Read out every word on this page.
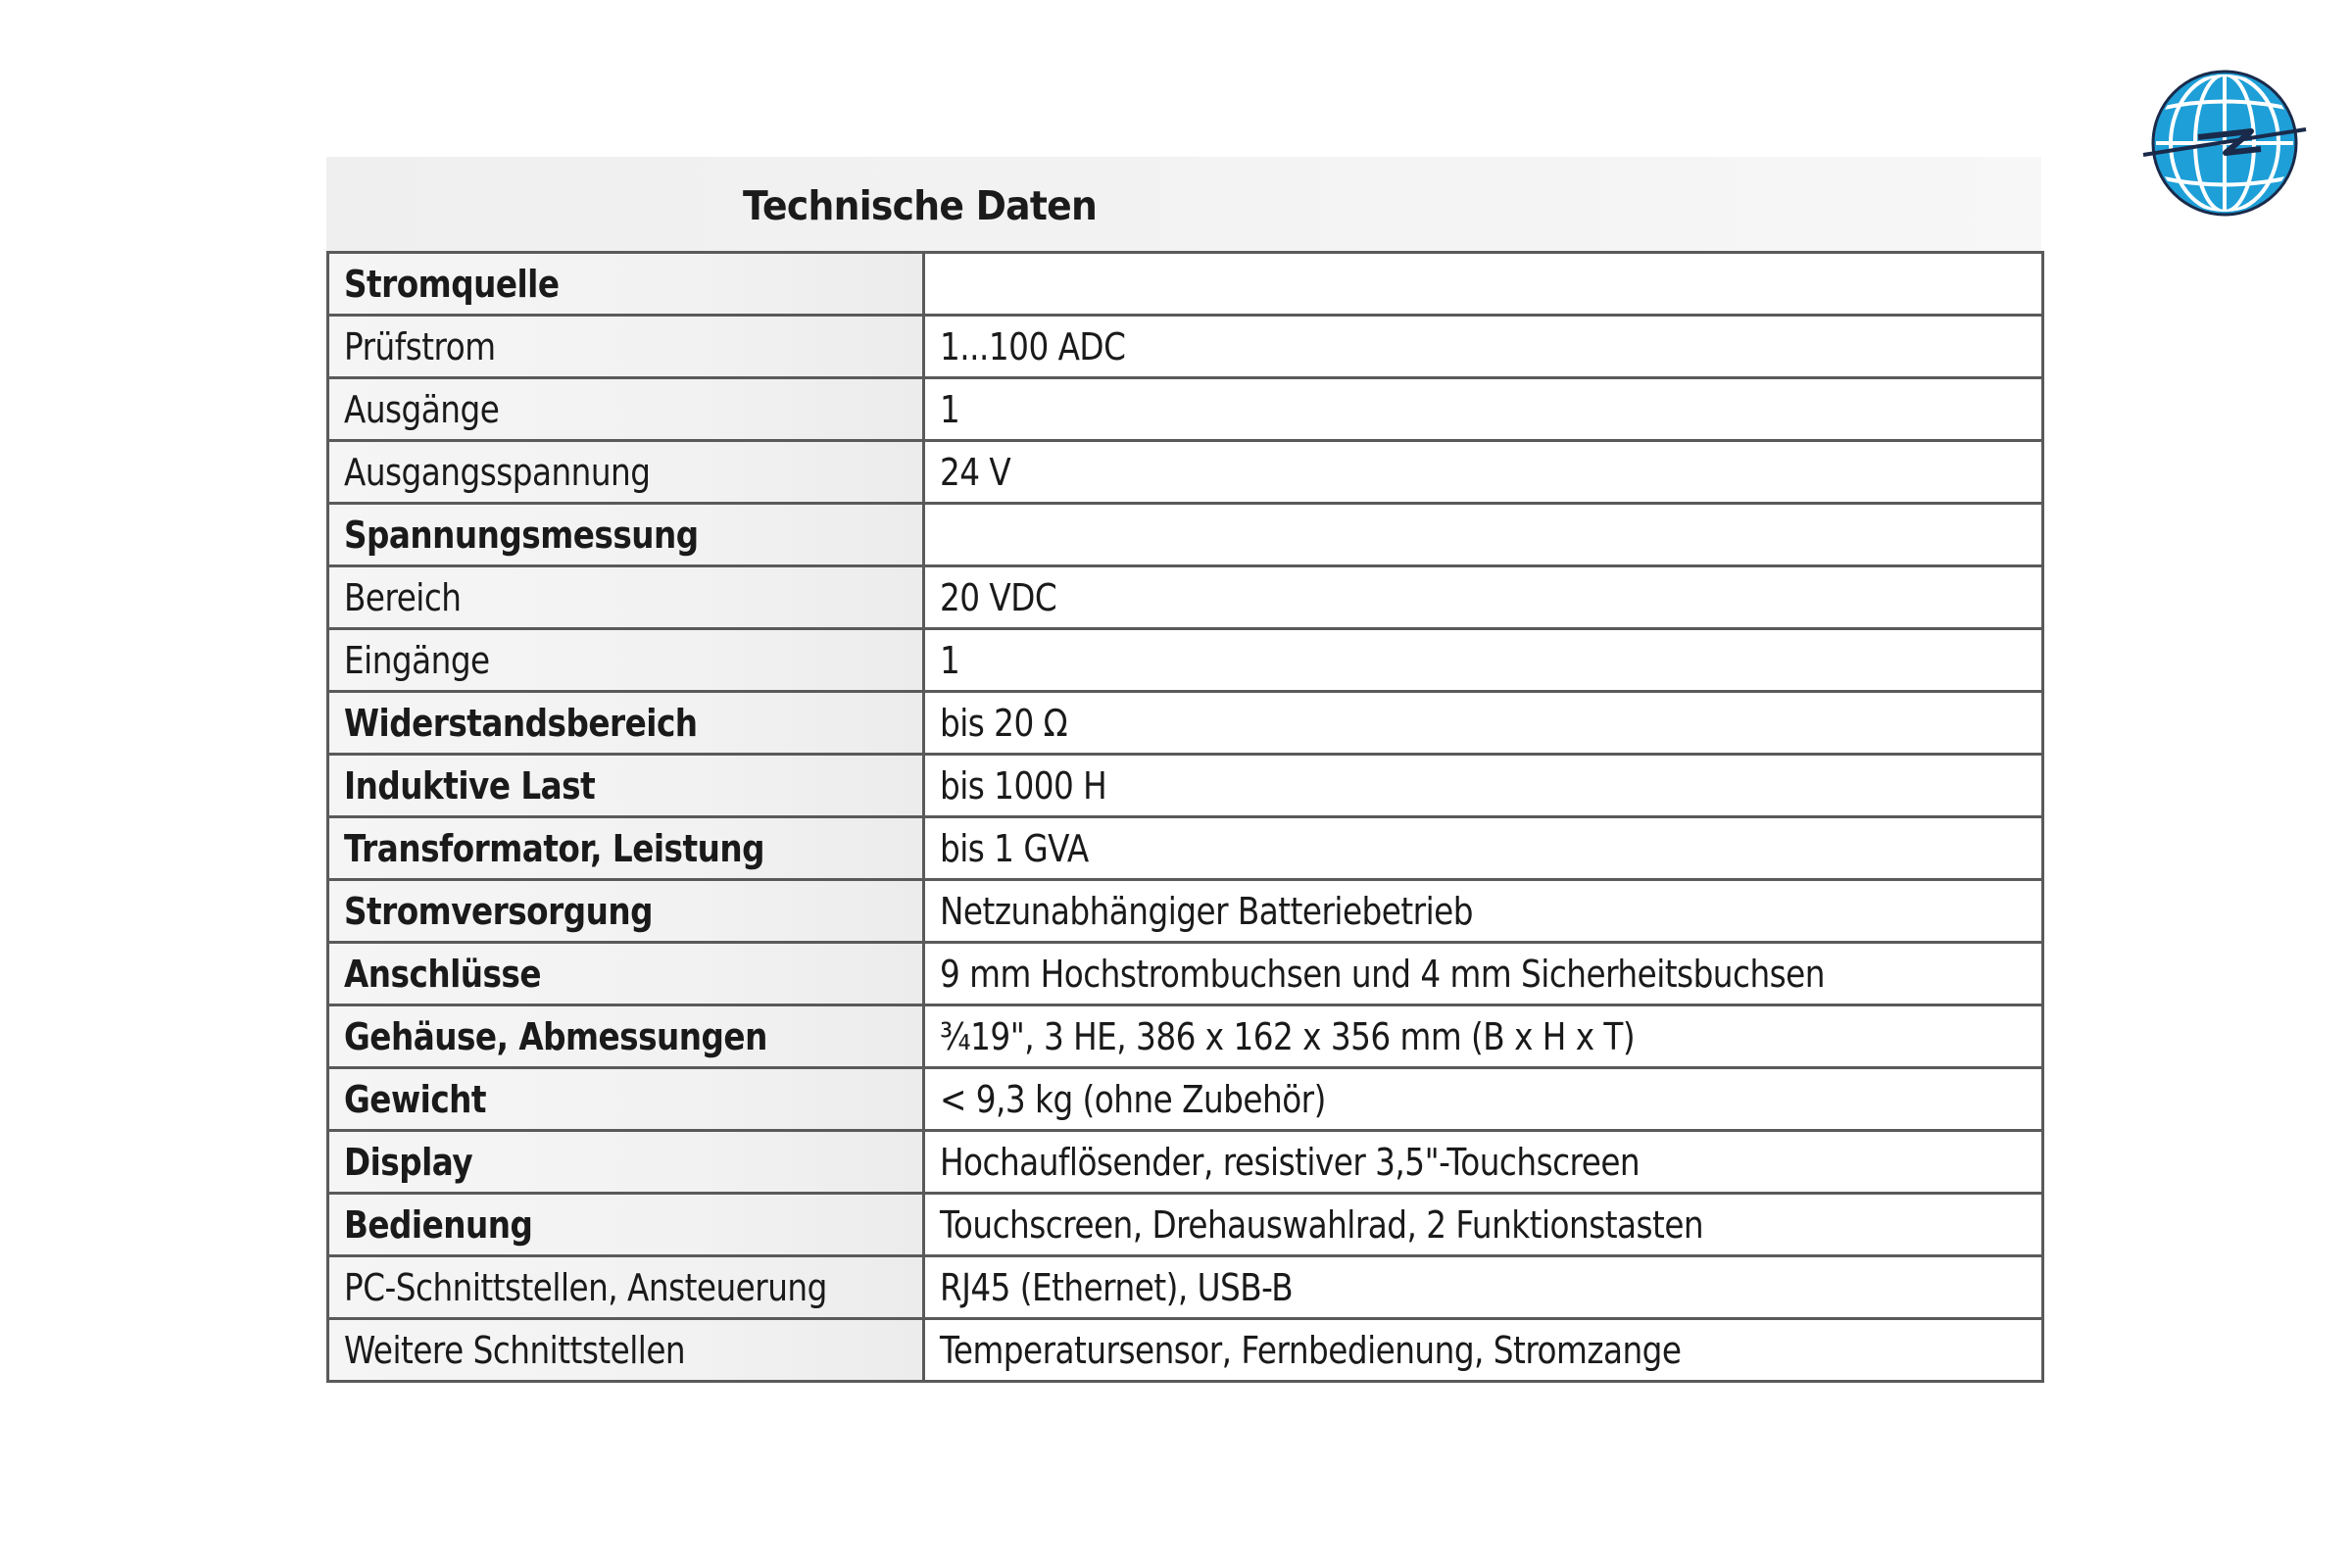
Technische Daten
Stromquelle	
Prüfstrom	1...100 ADC
Ausgänge	1
Ausgangsspannung	24 V
Spannungsmessung	
Bereich	20 VDC
Eingänge	1
Widerstandsbereich	bis 20 Ω
Induktive Last	bis 1000 H
Transformator, Leistung	bis 1 GVA
Stromversorgung	Netzunabhängiger Batteriebetrieb
Anschlüsse	9 mm Hochstrombuchsen und 4 mm Sicherheitsbuchsen
Gehäuse, Abmessungen	¾19", 3 HE, 386 x 162 x 356 mm (B x H x T)
Gewicht	< 9,3 kg (ohne Zubehör)
Display	Hochauflösender, resistiver 3,5"-Touchscreen
Bedienung	Touchscreen, Drehauswahlrad, 2 Funktionstasten
PC-Schnittstellen, Ansteuerung	RJ45 (Ethernet), USB-B
Weitere Schnittstellen	Temperatursensor, Fernbedienung, Stromzange
